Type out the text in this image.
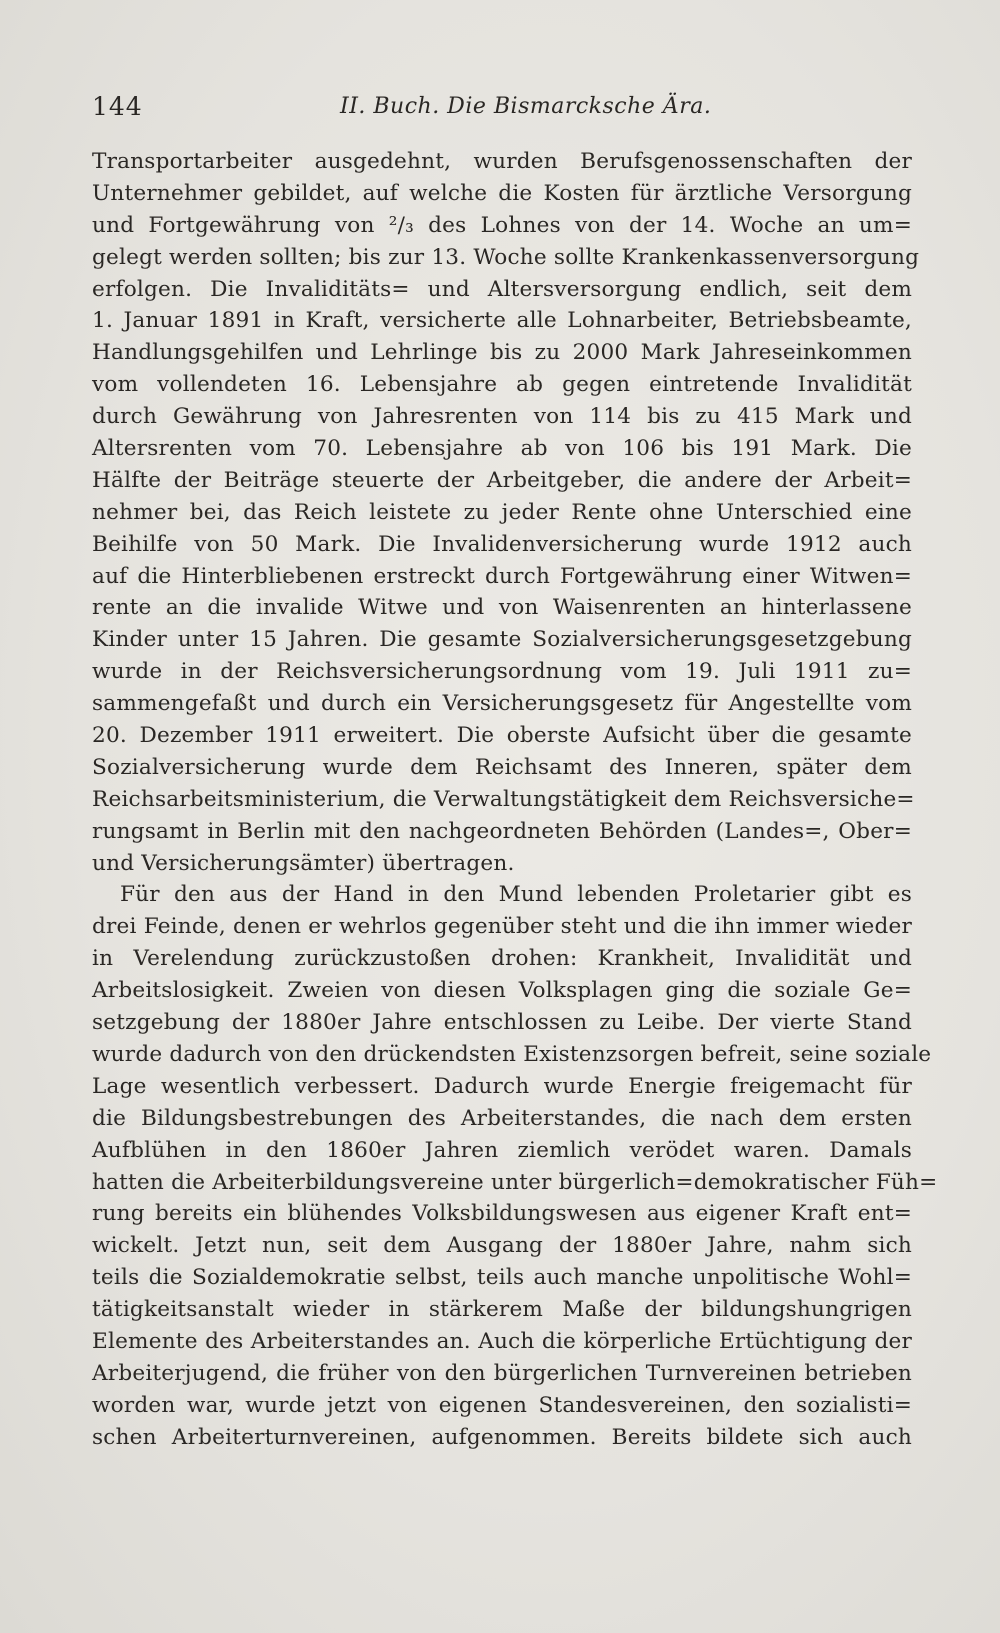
144	II. Buch. Die Bismarcksche Ära.
Transportarbeiter ausgedehnt, wurden Berufsgenossenschaften der
Unternehmer gebildet, auf welche die Kosten für ärztliche Versorgung
und Fortgewährung von ²/₃ des Lohnes von der 14. Woche an um=
gelegt werden sollten; bis zur 13. Woche sollte Krankenkassenversorgung
erfolgen. Die Invaliditäts= und Altersversorgung endlich, seit dem
1. Januar 1891 in Kraft, versicherte alle Lohnarbeiter, Betriebsbeamte,
Handlungsgehilfen und Lehrlinge bis zu 2000 Mark Jahreseinkommen
vom vollendeten 16. Lebensjahre ab gegen eintretende Invalidität
durch Gewährung von Jahresrenten von 114 bis zu 415 Mark und
Altersrenten vom 70. Lebensjahre ab von 106 bis 191 Mark. Die
Hälfte der Beiträge steuerte der Arbeitgeber, die andere der Arbeit=
nehmer bei, das Reich leistete zu jeder Rente ohne Unterschied eine
Beihilfe von 50 Mark. Die Invalidenversicherung wurde 1912 auch
auf die Hinterbliebenen erstreckt durch Fortgewährung einer Witwen=
rente an die invalide Witwe und von Waisenrenten an hinterlassene
Kinder unter 15 Jahren. Die gesamte Sozialversicherungsgesetzgebung
wurde in der Reichsversicherungsordnung vom 19. Juli 1911 zu=
sammengefaßt und durch ein Versicherungsgesetz für Angestellte vom
20. Dezember 1911 erweitert. Die oberste Aufsicht über die gesamte
Sozialversicherung wurde dem Reichsamt des Inneren, später dem
Reichsarbeitsministerium, die Verwaltungstätigkeit dem Reichsversiche=
rungsamt in Berlin mit den nachgeordneten Behörden (Landes=, Ober=
und Versicherungsämter) übertragen.
Für den aus der Hand in den Mund lebenden Proletarier gibt es
drei Feinde, denen er wehrlos gegenüber steht und die ihn immer wieder
in Verelendung zurückzustoßen drohen: Krankheit, Invalidität und
Arbeitslosigkeit. Zweien von diesen Volksplagen ging die soziale Ge=
setzgebung der 1880er Jahre entschlossen zu Leibe. Der vierte Stand
wurde dadurch von den drückendsten Existenzsorgen befreit, seine soziale
Lage wesentlich verbessert. Dadurch wurde Energie freigemacht für
die Bildungsbestrebungen des Arbeiterstandes, die nach dem ersten
Aufblühen in den 1860er Jahren ziemlich verödet waren. Damals
hatten die Arbeiterbildungsvereine unter bürgerlich=demokratischer Füh=
rung bereits ein blühendes Volksbildungswesen aus eigener Kraft ent=
wickelt. Jetzt nun, seit dem Ausgang der 1880er Jahre, nahm sich
teils die Sozialdemokratie selbst, teils auch manche unpolitische Wohl=
tätigkeitsanstalt wieder in stärkerem Maße der bildungshungrigen
Elemente des Arbeiterstandes an. Auch die körperliche Ertüchtigung der
Arbeiterjugend, die früher von den bürgerlichen Turnvereinen betrieben
worden war, wurde jetzt von eigenen Standesvereinen, den sozialisti=
schen Arbeiterturnvereinen, aufgenommen. Bereits bildete sich auch
